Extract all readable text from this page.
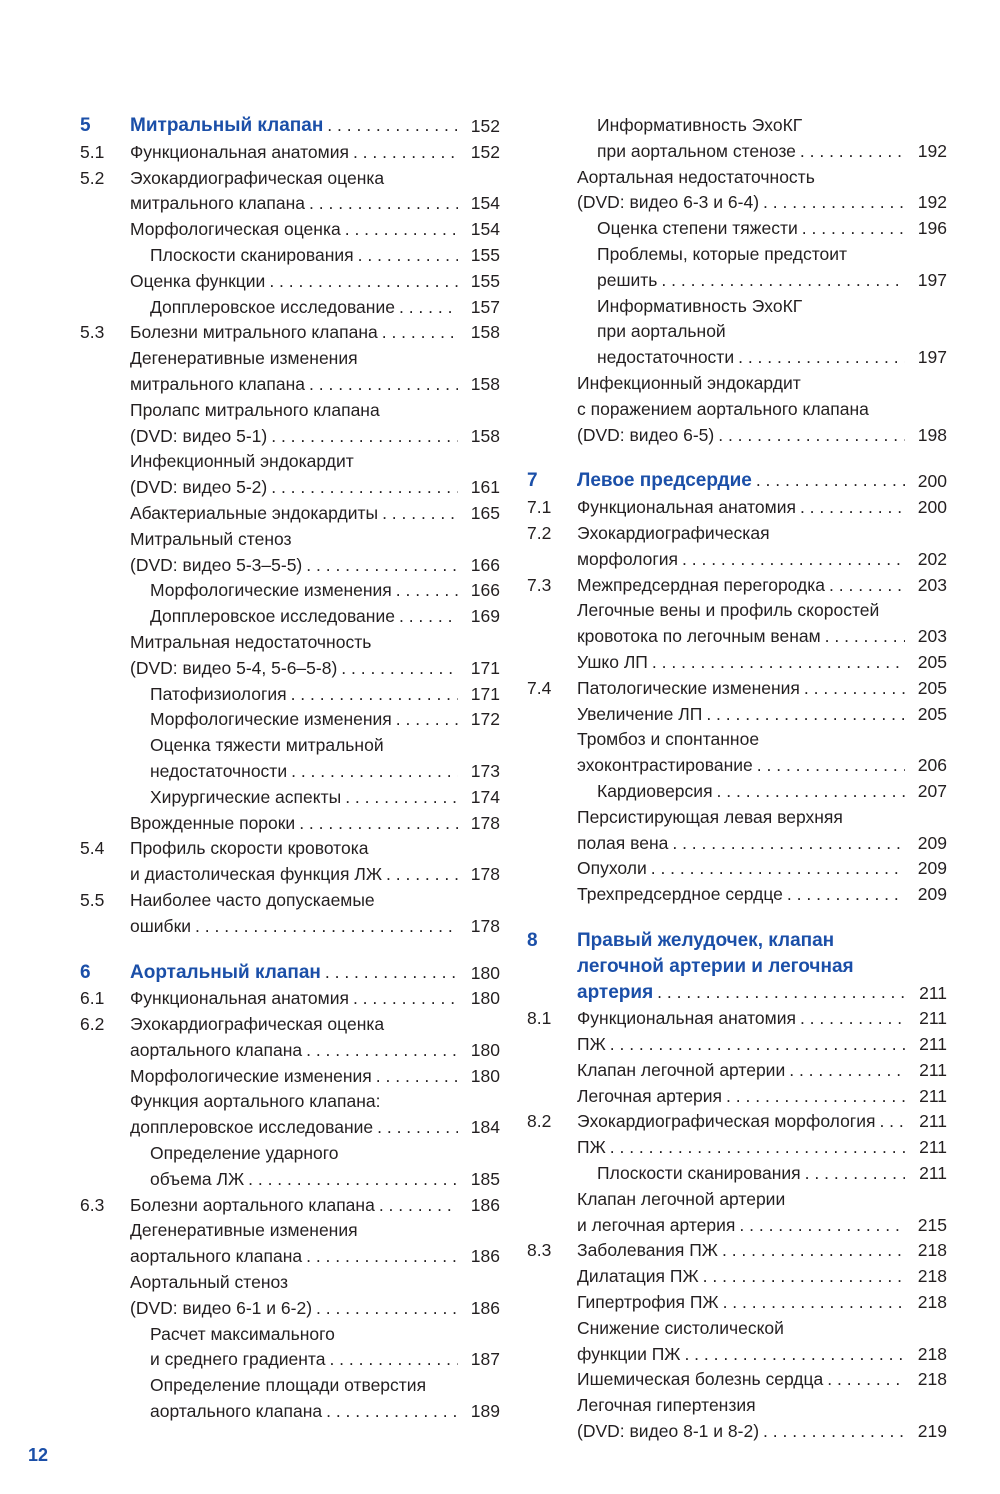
5	Митральный клапан . . .	152
5.1	Функциональная анатомия . . .	152
5.2	Эхокардиографическая оценка
митрального клапана . . .	154
Морфологическая оценка . . .	154
Плоскости сканирования . . .	155
Оценка функции . . .	155
Допплеровское исследование . . .	157
5.3	Болезни митрального клапана . . .	158
Дегенеративные изменения
митрального клапана . . .	158
Пролапс митрального клапана
(DVD: видео 5-1) . . .	158
Инфекционный эндокардит
(DVD: видео 5-2) . . .	161
Абактериальные эндокардиты . . .	165
Митральный стеноз
(DVD: видео 5-3–5-5) . . .	166
Морфологические изменения . . .	166
Допплеровское исследование . . .	169
Митральная недостаточность
(DVD: видео 5-4, 5-6–5-8) . . .	171
Патофизиология . . .	171
Морфологические изменения . . .	172
Оценка тяжести митральной
недостаточности . . .	173
Хирургические аспекты . . .	174
Врожденные пороки . . .	178
5.4	Профиль скорости кровотока
и диастолическая функция ЛЖ . . .	178
5.5	Наиболее часто допускаемые
ошибки . . .	178
6	Аортальный клапан . . .	180
6.1	Функциональная анатомия . . .	180
6.2	Эхокардиографическая оценка
аортального клапана . . .	180
Морфологические изменения . . .	180
Функция аортального клапана:
допплеровское исследование . . .	184
Определение ударного
объема ЛЖ . . .	185
6.3	Болезни аортального клапана . . .	186
Дегенеративные изменения
аортального клапана . . .	186
Аортальный стеноз
(DVD: видео 6-1 и 6-2) . . .	186
Расчет максимального
и среднего градиента . . .	187
Определение площади отверстия
аортального клапана . . .	189
Информативность ЭхоКГ
при аортальном стенозе . . .	192
Аортальная недостаточность
(DVD: видео 6-3 и 6-4) . . .	192
Оценка степени тяжести . . .	196
Проблемы, которые предстоит
решить . . .	197
Информативность ЭхоКГ
при аортальной
недостаточности . . .	197
Инфекционный эндокардит
с поражением аортального клапана
(DVD: видео 6-5) . . .	198
7	Левое предсердие . . .	200
7.1	Функциональная анатомия . . .	200
7.2	Эхокардиографическая
морфология . . .	202
7.3	Межпредсердная перегородка . . .	203
Легочные вены и профиль скоростей
кровотока по легочным венам . . .	203
Ушко ЛП . . .	205
7.4	Патологические изменения . . .	205
Увеличение ЛП . . .	205
Тромбоз и спонтанное
эхоконтрастирование . . .	206
Кардиоверсия . . .	207
Персистирующая левая верхняя
полая вена . . .	209
Опухоли . . .	209
Трехпредсердное сердце . . .	209
8	Правый желудочек, клапан
легочной артерии и легочная
артерия . . .	211
8.1	Функциональная анатомия . . .	211
ПЖ . . .	211
Клапан легочной артерии . . .	211
Легочная артерия . . .	211
8.2	Эхокардиографическая морфология . . .	211
ПЖ . . .	211
Плоскости сканирования . . .	211
Клапан легочной артерии
и легочная артерия . . .	215
8.3	Заболевания ПЖ . . .	218
Дилатация ПЖ . . .	218
Гипертрофия ПЖ . . .	218
Снижение систолической
функции ПЖ . . .	218
Ишемическая болезнь сердца . . .	218
Легочная гипертензия
(DVD: видео 8-1 и 8-2) . . .	219
12
